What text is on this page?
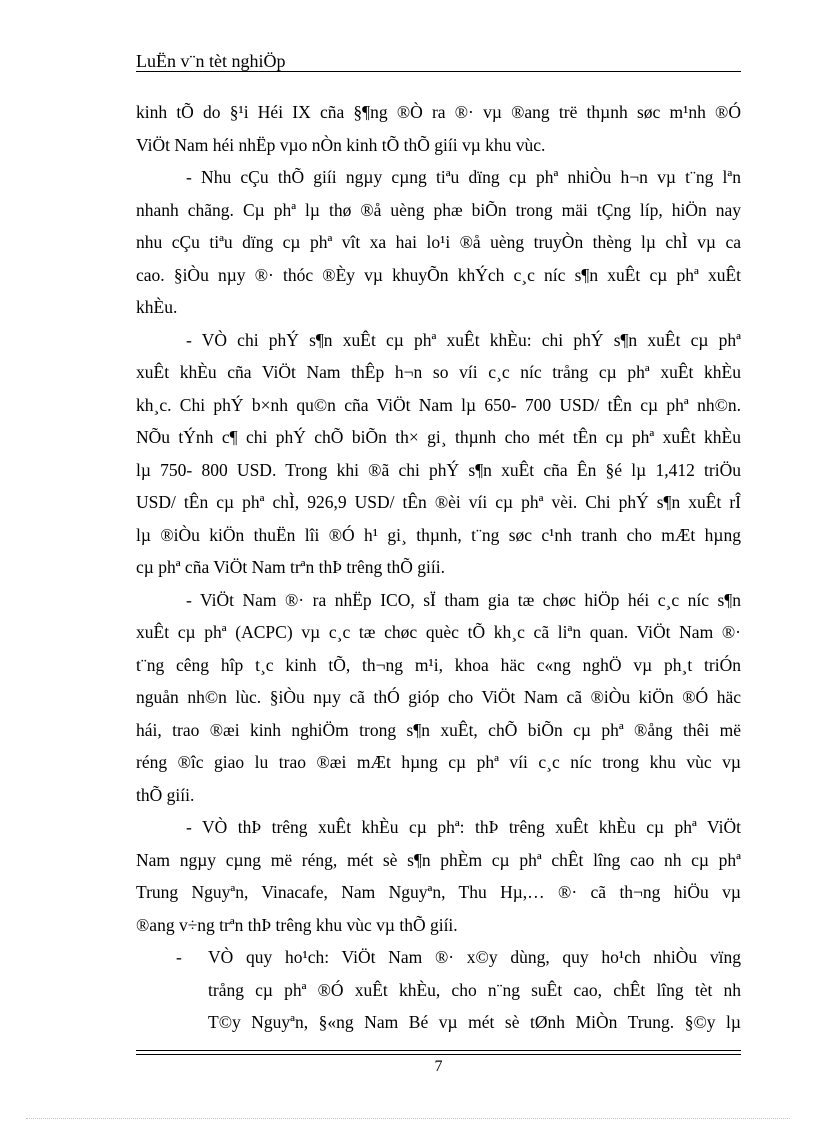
LuËn v¨n tèt nghiÖp
kinh tÕ do §¹i Héi IX cña §¶ng ®Ò ra ®· vµ ®ang trë thµnh søc m¹nh ®Ó
ViÖt Nam héi nhËp vµo nÒn kinh tÕ thÕ giíi vµ khu vùc.
- Nhu cÇu thÕ giíi ngµy cµng tiªu dïng cµ phª nhiÒu h¬n vµ t¨ng lªn
nhanh chãng. Cµ phª lµ thø ®å uèng phæ biÕn trong mäi tÇng líp, hiÖn nay
nhu cÇu tiªu dïng cµ phª vît xa hai lo¹i ®å uèng truyÒn thèng lµ chÌ vµ ca
cao. §iÒu nµy ®· thóc ®Èy vµ khuyÕn khÝch c¸c níc s¶n xuÊt cµ phª xuÊt
khÈu.
- VÒ chi phÝ s¶n xuÊt cµ phª xuÊt khÈu: chi phÝ s¶n xuÊt cµ phª
xuÊt khÈu cña ViÖt Nam thÊp h¬n so víi c¸c níc trång cµ phª xuÊt khÈu
kh¸c. Chi phÝ b×nh qu©n cña ViÖt Nam lµ 650- 700 USD/ tÊn cµ phª nh©n.
NÕu tÝnh c¶ chi phÝ chÕ biÕn th× gi¸ thµnh cho mét tÊn cµ phª xuÊt khÈu
lµ 750- 800 USD. Trong khi ®ã chi phÝ s¶n xuÊt cña Ên §é lµ 1,412 triÖu
USD/ tÊn cµ phª chÌ, 926,9 USD/ tÊn ®èi víi cµ phª vèi. Chi phÝ s¶n xuÊt rÎ
lµ ®iÒu kiÖn thuËn lîi ®Ó h¹ gi¸ thµnh, t¨ng søc c¹nh tranh cho mÆt hµng
cµ phª cña ViÖt Nam trªn thÞ trêng thÕ giíi.
- ViÖt Nam ®· ra nhËp ICO, sÏ tham gia tæ chøc hiÖp héi c¸c níc s¶n
xuÊt cµ phª (ACPC) vµ c¸c tæ chøc quèc tÕ kh¸c cã liªn quan. ViÖt Nam ®·
t¨ng cêng hîp t¸c kinh tÕ, th¬ng m¹i, khoa häc c«ng nghÖ vµ ph¸t triÓn
nguån nh©n lùc. §iÒu nµy cã thÓ gióp cho ViÖt Nam cã ®iÒu kiÖn ®Ó häc
hái, trao ®æi kinh nghiÖm trong s¶n xuÊt, chÕ biÕn cµ phª ®ång thêi më
réng ®îc giao lu trao ®æi mÆt hµng cµ phª víi c¸c níc trong khu vùc vµ
thÕ giíi.
- VÒ thÞ trêng xuÊt khÈu cµ phª: thÞ trêng xuÊt khÈu cµ phª ViÖt
Nam ngµy cµng më réng, mét sè s¶n phÈm cµ phª chÊt lîng cao nh cµ phª
Trung Nguyªn, Vinacafe, Nam Nguyªn, Thu Hµ,… ®· cã th¬ng hiÖu vµ
®ang v÷ng trªn thÞ trêng khu vùc vµ thÕ giíi.
-	VÒ quy ho¹ch: ViÖt Nam ®· x©y dùng, quy ho¹ch nhiÒu vïng
trång cµ phª ®Ó xuÊt khÈu, cho n¨ng suÊt cao, chÊt lîng tèt nh
T©y Nguyªn, §«ng Nam Bé vµ mét sè tØnh MiÒn Trung. §©y lµ
7
